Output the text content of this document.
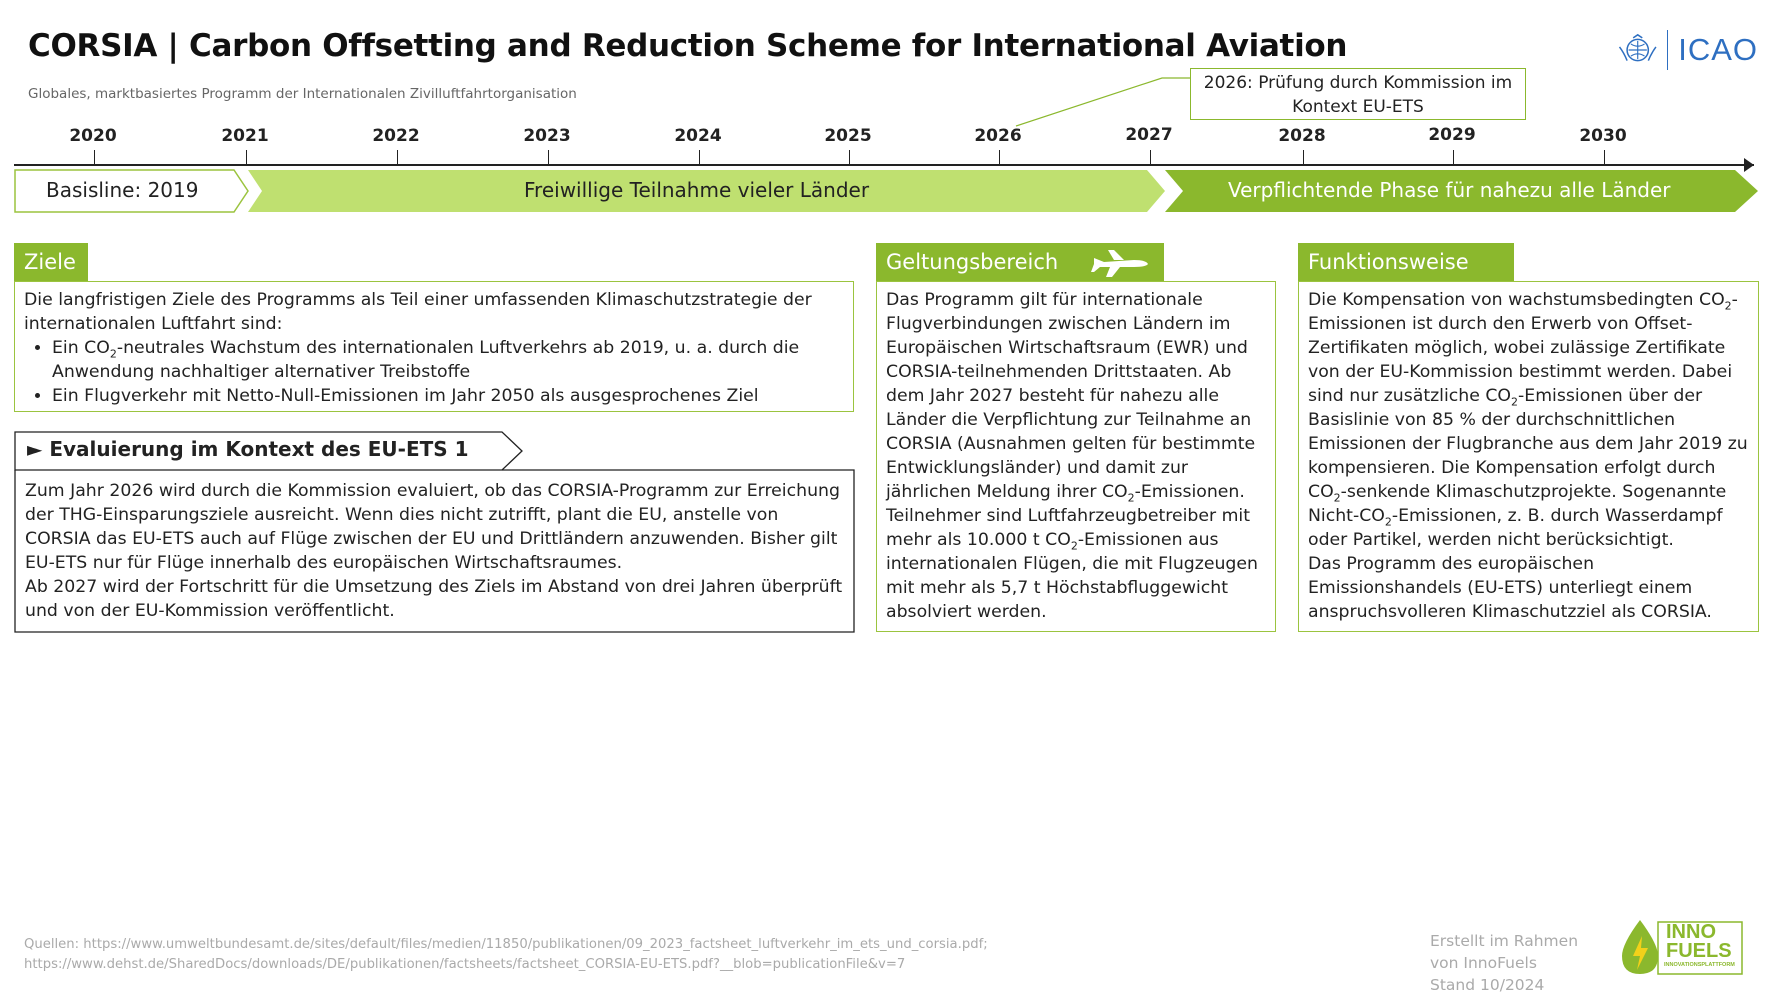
CORSIA | Carbon Offsetting and Reduction Scheme for International Aviation
Globales, marktbasiertes Programm der Internationalen Zivilluftfahrtorganisation
ICAO
2026: Prüfung durch Kommission im Kontext EU-ETS
2020	2021	2022	2023	2024	2025	2026	2027	2028	2029	2030
Basisline: 2019	Freiwillige Teilnahme vieler Länder	Verpflichtende Phase für nahezu alle Länder
Ziele

Die langfristigen Ziele des Programms als Teil einer umfassenden Klimaschutzstrategie der internationalen Luftfahrt sind:

• Ein $CO_2$-neutrales Wachstum des internationalen Luftverkehrs ab 2019, u. a. durch die Anwendung nachhaltiger alternativer Treibstoffe
• Ein Flugverkehr mit Netto-Null-Emissionen im Jahr 2050 als ausgesprochenes Ziel
► Evaluierung im Kontext des EU-ETS 1

Zum Jahr 2026 wird durch die Kommission evaluiert, ob das CORSIA-Programm zur Erreichung der THG-Einsparungsziele ausreicht. Wenn dies nicht zutrifft, plant die EU, anstelle von CORSIA das EU-ETS auch auf Flüge zwischen der EU und Drittländern anzuwenden. Bisher gilt EU-ETS nur für Flüge innerhalb des europäischen Wirtschaftsraumes.

Ab 2027 wird der Fortschritt für die Umsetzung des Ziels im Abstand von drei Jahren überprüft und von der EU-Kommission veröffentlicht.

Geltungsbereich

Das Programm gilt für internationale Flugverbindungen zwischen Ländern im Europäischen Wirtschaftsraum (EWR) und CORSIA-teilnehmenden Drittstaaten. Ab dem Jahr 2027 besteht für nahezu alle Länder die Verpflichtung zur Teilnahme an CORSIA (Ausnahmen gelten für bestimmte Entwicklungsländer) und damit zur jährlichen Meldung ihrer $CO_2$-Emissionen. Teilnehmer sind Luftfahrzeugbetreiber mit mehr als 10.000 t $CO_2$-Emissionen aus internationalen Flügen, die mit Flugzeugen mit mehr als 5,7 t Höchstabfluggewicht absolviert werden.

Funktionsweise

Die Kompensation von wachstumsbedingten $CO_2$-Emissionen ist durch den Erwerb von Offset-Zertifikaten möglich, wobei zulässige Zertifikate von der EU-Kommission bestimmt werden. Dabei sind nur zusätzliche $CO_2$-Emissionen über der Basislinie von 85 % der durchschnittlichen Emissionen der Flugbranche aus dem Jahr 2019 zu kompensieren. Die Kompensation erfolgt durch $CO_2$-senkende Klimaschutzprojekte. Sogenannte Nicht-$CO_2$-Emissionen, z. B. durch Wasserdampf oder Partikel, werden nicht berücksichtigt.

Das Programm des europäischen Emissionshandels (EU-ETS) unterliegt einem anspruchsvolleren Klimaschutzziel als CORSIA.

Quellen: https://www.umweltbundesamt.de/sites/default/files/medien/11850/publikationen/09_2023_factsheet_luftverkehr_im_ets_und_corsia.pdf;
https://www.dehst.de/SharedDocs/downloads/DE/publikationen/factsheets/factsheet_CORSIA-EU-ETS.pdf?__blob=publicationFile&v=7
Erstellt im Rahmen
von InnoFuels
Stand 10/2024
INNO
FUELS
INNOVATIONSPLATTFORM
